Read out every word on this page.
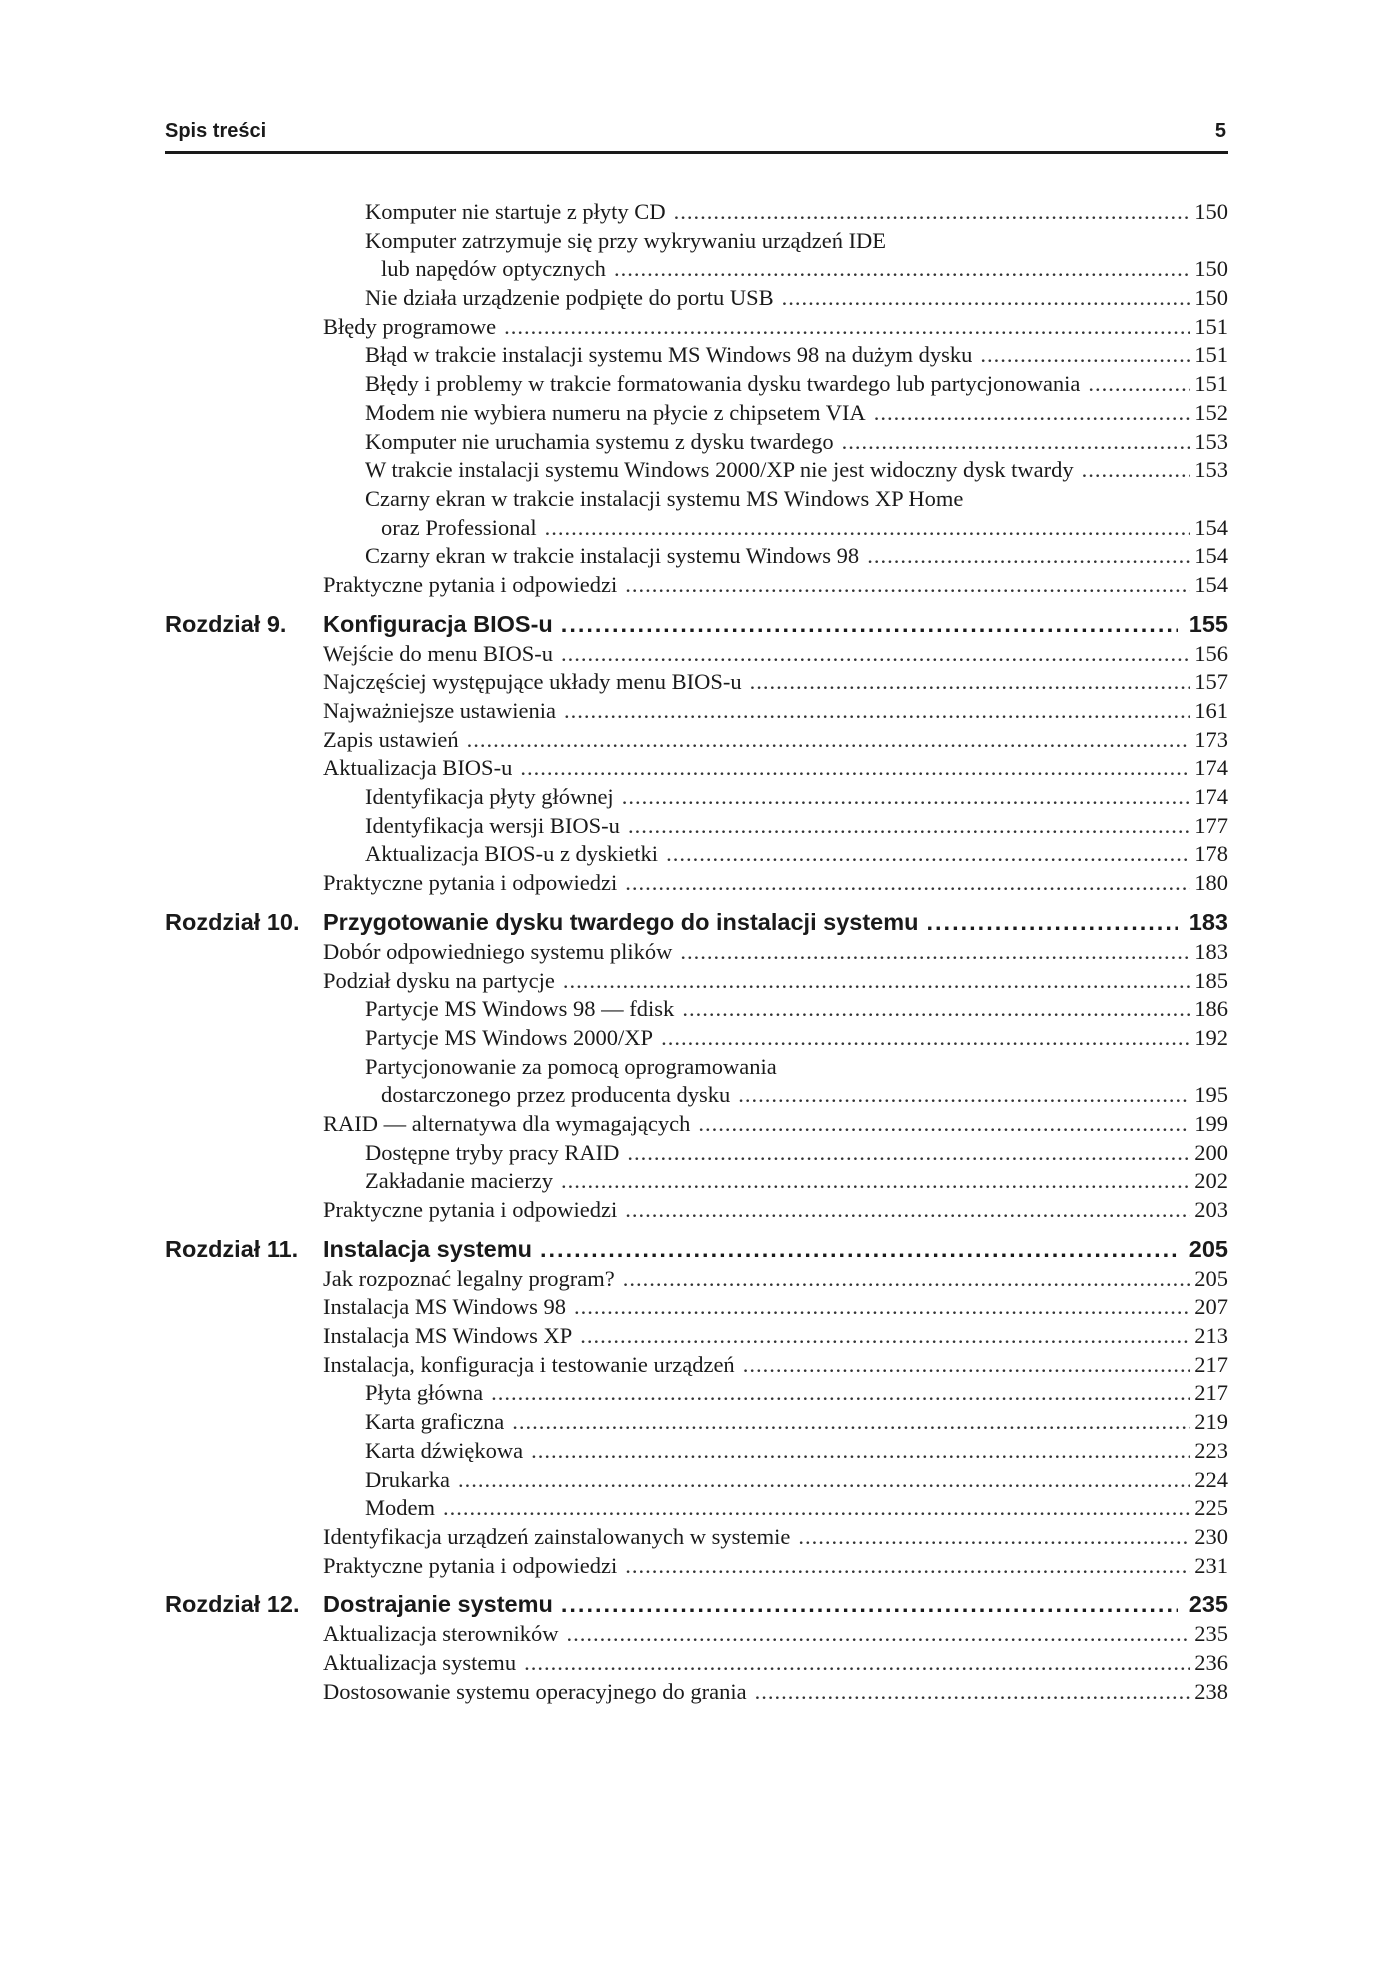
Spis treści	5
Komputer nie startuje z płyty CD .....	150
Komputer zatrzymuje się przy wykrywaniu urządzeń IDE
lub napędów optycznych .....	150
Nie działa urządzenie podpięte do portu USB .....	150
Błędy programowe .....	151
Błąd w trakcie instalacji systemu MS Windows 98 na dużym dysku .....	151
Błędy i problemy w trakcie formatowania dysku twardego lub partycjonowania .....	151
Modem nie wybiera numeru na płycie z chipsetem VIA .....	152
Komputer nie uruchamia systemu z dysku twardego .....	153
W trakcie instalacji systemu Windows 2000/XP nie jest widoczny dysk twardy .....	153
Czarny ekran w trakcie instalacji systemu MS Windows XP Home
oraz Professional .....	154
Czarny ekran w trakcie instalacji systemu Windows 98 .....	154
Praktyczne pytania i odpowiedzi .....	154
Rozdział 9. Konfiguracja BIOS-u .....	155
Wejście do menu BIOS-u .....	156
Najczęściej występujące układy menu BIOS-u .....	157
Najważniejsze ustawienia .....	161
Zapis ustawień .....	173
Aktualizacja BIOS-u .....	174
Identyfikacja płyty głównej .....	174
Identyfikacja wersji BIOS-u .....	177
Aktualizacja BIOS-u z dyskietki .....	178
Praktyczne pytania i odpowiedzi .....	180
Rozdział 10. Przygotowanie dysku twardego do instalacji systemu .....	183
Dobór odpowiedniego systemu plików .....	183
Podział dysku na partycje .....	185
Partycje MS Windows 98 — fdisk .....	186
Partycje MS Windows 2000/XP .....	192
Partycjonowanie za pomocą oprogramowania
dostarczonego przez producenta dysku .....	195
RAID — alternatywa dla wymagających .....	199
Dostępne tryby pracy RAID .....	200
Zakładanie macierzy .....	202
Praktyczne pytania i odpowiedzi .....	203
Rozdział 11. Instalacja systemu .....	205
Jak rozpoznać legalny program? .....	205
Instalacja MS Windows 98 .....	207
Instalacja MS Windows XP .....	213
Instalacja, konfiguracja i testowanie urządzeń .....	217
Płyta główna .....	217
Karta graficzna .....	219
Karta dźwiękowa .....	223
Drukarka .....	224
Modem .....	225
Identyfikacja urządzeń zainstalowanych w systemie .....	230
Praktyczne pytania i odpowiedzi .....	231
Rozdział 12. Dostrajanie systemu .....	235
Aktualizacja sterowników .....	235
Aktualizacja systemu .....	236
Dostosowanie systemu operacyjnego do grania .....	238
